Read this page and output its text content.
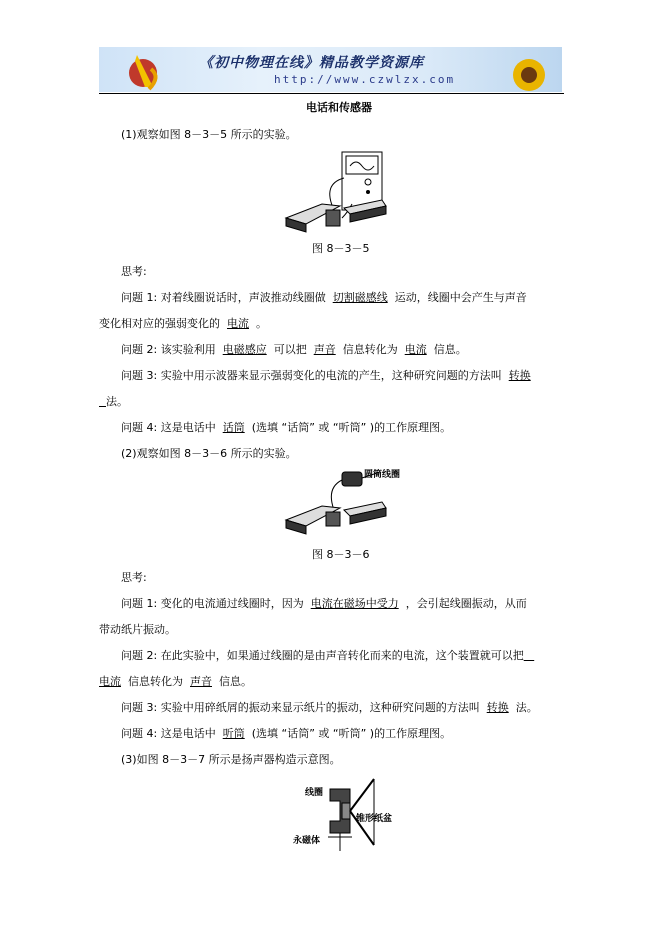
《初中物理在线》精品教学资源库
http://www.czwlzx.com
电话和传感器
(1)观察如图 8－3－5 所示的实验。
图 8－3－5
思考:
问题 1: 对着线圈说话时，声波推动线圈做 切割磁感线 运动，线圈中会产生与声音
变化相对应的强弱变化的 电流 。
问题 2: 该实验利用 电磁感应 可以把 声音 信息转化为 电流 信息。
问题 3: 实验中用示波器来显示强弱变化的电流的产生，这种研究问题的方法叫 转换
法。
问题 4: 这是电话中 话筒 (选填 “话筒” 或 “听筒” )的工作原理图。
(2)观察如图 8－3－6 所示的实验。
圆筒线圈
图 8－3－6
思考:
问题 1: 变化的电流通过线圈时，因为 电流在磁场中受力 ，会引起线圈振动，从而
带动纸片振动。
问题 2: 在此实验中，如果通过线圈的是由声音转化而来的电流，这个装置就可以把
电流 信息转化为 声音 信息。
问题 3: 实验中用碎纸屑的振动来显示纸片的振动，这种研究问题的方法叫 转换 法。
问题 4: 这是电话中 听筒 (选填 “话筒” 或 “听筒” )的工作原理图。
(3)如图 8－3－7 所示是扬声器构造示意图。
线圈
锥形纸盆
永磁体
